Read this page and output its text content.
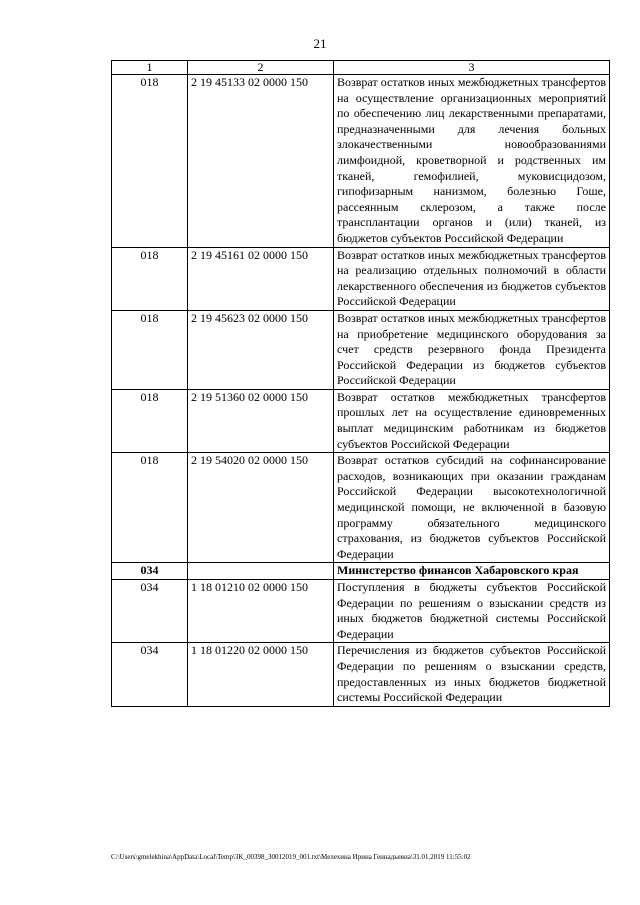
21
1	2	3
018	2 19 45133 02 0000 150	Возврат остатков иных межбюджетных трансфертов на осуществление организационных мероприятий по обеспечению лиц лекарственными препаратами, предназначенными для лечения больных злокачественными новообразованиями лимфоидной, кроветворной и родственных им тканей, гемофилией, муковисцидозом, гипофизарным нанизмом, болезнью Гоше, рассеянным склерозом, а также после трансплантации органов и (или) тканей, из бюджетов субъектов Российской Федерации
018	2 19 45161 02 0000 150	Возврат остатков иных межбюджетных трансфертов на реализацию отдельных полномочий в области лекарственного обеспечения из бюджетов субъектов Российской Федерации
018	2 19 45623 02 0000 150	Возврат остатков иных межбюджетных трансфертов на приобретение медицинского оборудования за счет средств резервного фонда Президента Российской Федерации из бюджетов субъектов Российской Федерации
018	2 19 51360 02 0000 150	Возврат остатков межбюджетных трансфертов прошлых лет на осуществление единовременных выплат медицинским работникам из бюджетов субъектов Российской Федерации
018	2 19 54020 02 0000 150	Возврат остатков субсидий на софинансирование расходов, возникающих при оказании гражданам Российской Федерации высокотехнологичной медицинской помощи, не включенной в базовую программу обязательного медицинского страхования, из бюджетов субъектов Российской Федерации
034		Министерство финансов Хабаровского края
034	1 18 01210 02 0000 150	Поступления в бюджеты субъектов Российской Федерации по решениям о взыскании средств из иных бюджетов бюджетной системы Российской Федерации
034	1 18 01220 02 0000 150	Перечисления из бюджетов субъектов Российской Федерации по решениям о взыскании средств, предоставленных из иных бюджетов бюджетной системы Российской Федерации
C:\Users\gmelekhina\AppData\Local\Temp\3K_00398_30012019_001.txt\Мелехина Ирина Геннадьевна\31.01.2019 11:55:02
